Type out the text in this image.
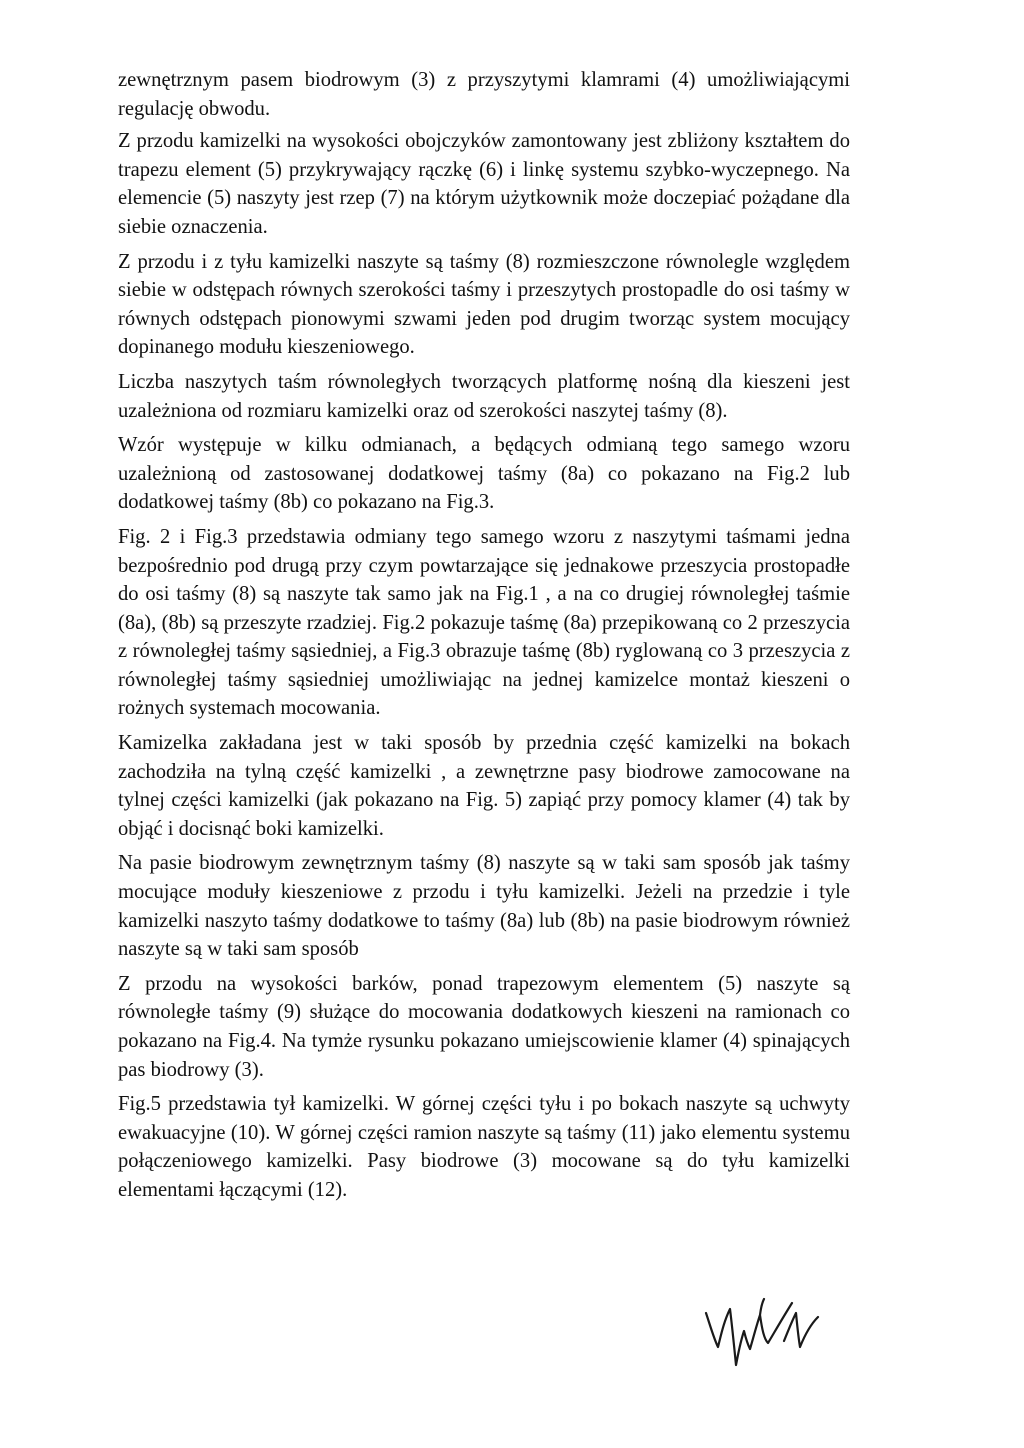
zewnętrznym pasem biodrowym (3) z przyszytymi klamrami (4) umożliwiającymi regulację obwodu.

Z przodu kamizelki na wysokości obojczyków zamontowany jest zbliżony kształtem do trapezu element (5) przykrywający rączkę (6) i linkę systemu szybko-wyczepnego. Na elemencie (5) naszyty jest rzep (7) na którym użytkownik może doczepiać pożądane dla siebie oznaczenia.

Z przodu i z tyłu kamizelki naszyte są taśmy (8) rozmieszczone równolegle względem siebie w odstępach równych szerokości taśmy i przeszytych prostopadle do osi taśmy w równych odstępach pionowymi szwami jeden pod drugim tworząc system mocujący dopinanego modułu kieszeniowego.

Liczba naszytych taśm równoległych tworzących platformę nośną dla kieszeni jest uzależniona od rozmiaru kamizelki oraz od szerokości naszytej taśmy (8).

Wzór występuje w kilku odmianach, a będących odmianą tego samego wzoru uzależnioną od zastosowanej dodatkowej taśmy (8a) co pokazano na Fig.2 lub dodatkowej taśmy (8b) co pokazano na Fig.3.

Fig. 2 i Fig.3 przedstawia odmiany tego samego wzoru z naszytymi taśmami jedna bezpośrednio pod drugą przy czym powtarzające się jednakowe przeszycia prostopadłe do osi taśmy (8) są naszyte tak samo jak na Fig.1 , a na co drugiej równoległej taśmie (8a), (8b) są przeszyte rzadziej. Fig.2 pokazuje taśmę (8a) przepikowaną co 2 przeszycia z równoległej taśmy sąsiedniej, a Fig.3 obrazuje taśmę (8b) ryglowaną co 3 przeszycia z równoległej taśmy sąsiedniej umożliwiając na jednej kamizelce montaż kieszeni o rożnych systemach mocowania.

Kamizelka zakładana jest w taki sposób by przednia część kamizelki na bokach zachodziła na tylną część kamizelki , a zewnętrzne pasy biodrowe zamocowane na tylnej części kamizelki (jak pokazano na Fig. 5) zapiąć przy pomocy klamer (4) tak by objąć i docisnąć boki kamizelki.

Na pasie biodrowym zewnętrznym taśmy (8) naszyte są w taki sam sposób jak taśmy mocujące moduły kieszeniowe z przodu i tyłu kamizelki. Jeżeli na przedzie i tyle kamizelki naszyto taśmy dodatkowe to taśmy (8a) lub (8b) na pasie biodrowym również naszyte są w taki sam sposób

Z przodu na wysokości barków, ponad trapezowym elementem (5) naszyte są równoległe taśmy (9) służące do mocowania dodatkowych kieszeni na ramionach co pokazano na Fig.4. Na tymże rysunku pokazano umiejscowienie klamer (4) spinających pas biodrowy (3).

Fig.5 przedstawia tył kamizelki. W górnej części tyłu i po bokach naszyte są uchwyty ewakuacyjne (10). W górnej części ramion naszyte są taśmy (11) jako elementu systemu połączeniowego kamizelki. Pasy biodrowe (3) mocowane są do tyłu kamizelki elementami łączącymi (12).
